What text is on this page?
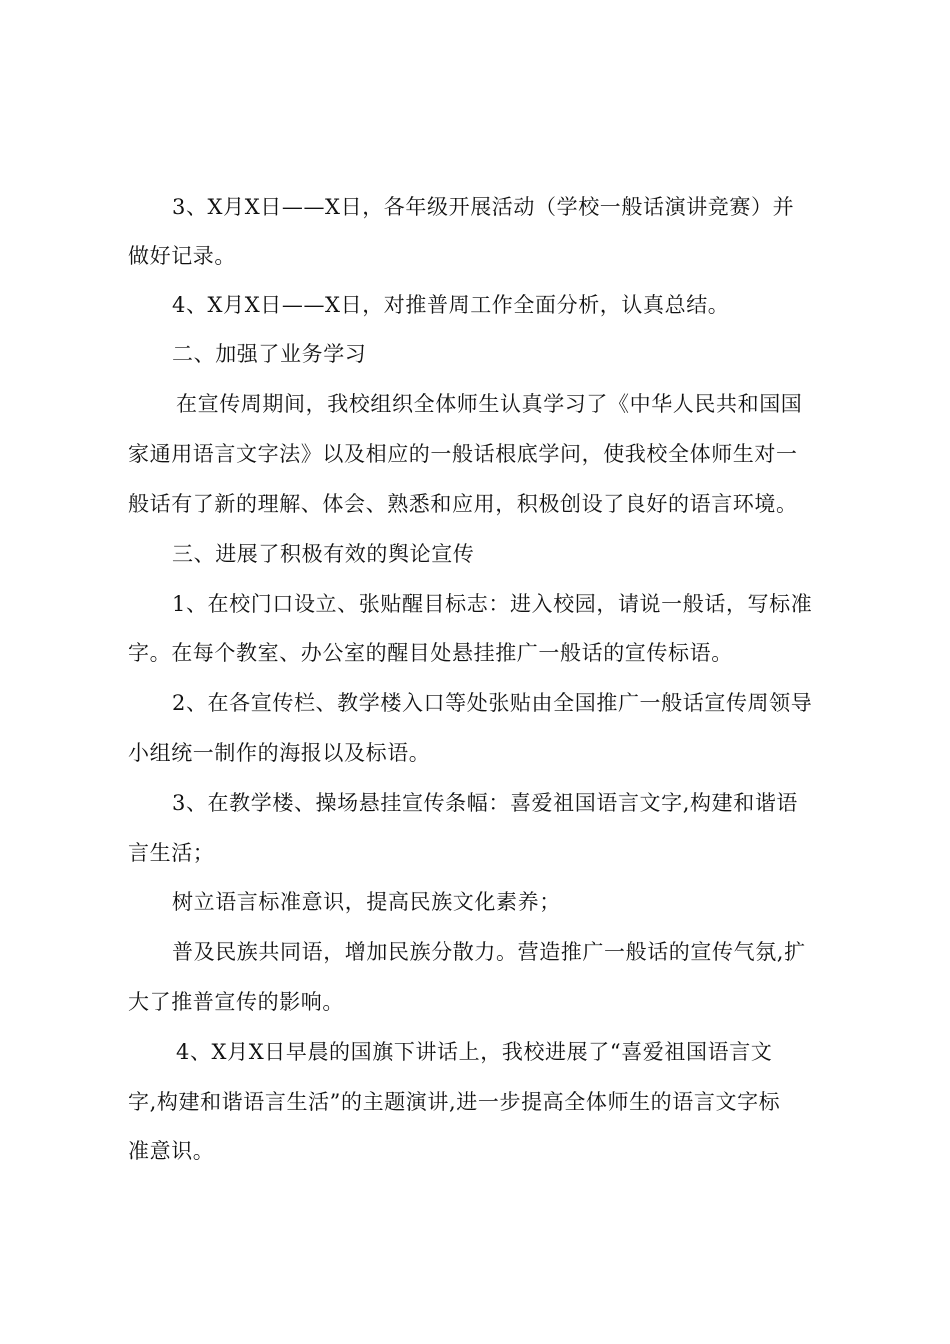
3、X月X日——X日，各年级开展活动（学校一般话演讲竞赛）并
做好记录。
4、X月X日——X日，对推普周工作全面分析，认真总结。
二、加强了业务学习
在宣传周期间，我校组织全体师生认真学习了《中华人民共和国国
家通用语言文字法》以及相应的一般话根底学问，使我校全体师生对一
般话有了新的理解、体会、熟悉和应用，积极创设了良好的语言环境。
三、进展了积极有效的舆论宣传
1、在校门口设立、张贴醒目标志：进入校园，请说一般话，写标准
字。在每个教室、办公室的醒目处悬挂推广一般话的宣传标语。
2、在各宣传栏、教学楼入口等处张贴由全国推广一般话宣传周领导
小组统一制作的海报以及标语。
3、在教学楼、操场悬挂宣传条幅：喜爱祖国语言文字,构建和谐语
言生活；
树立语言标准意识，提高民族文化素养；
普及民族共同语，增加民族分散力。营造推广一般话的宣传气氛,扩
大了推普宣传的影响。
4、X月X日早晨的国旗下讲话上，我校进展了“喜爱祖国语言文
字,构建和谐语言生活”的主题演讲,进一步提高全体师生的语言文字标
准意识。
